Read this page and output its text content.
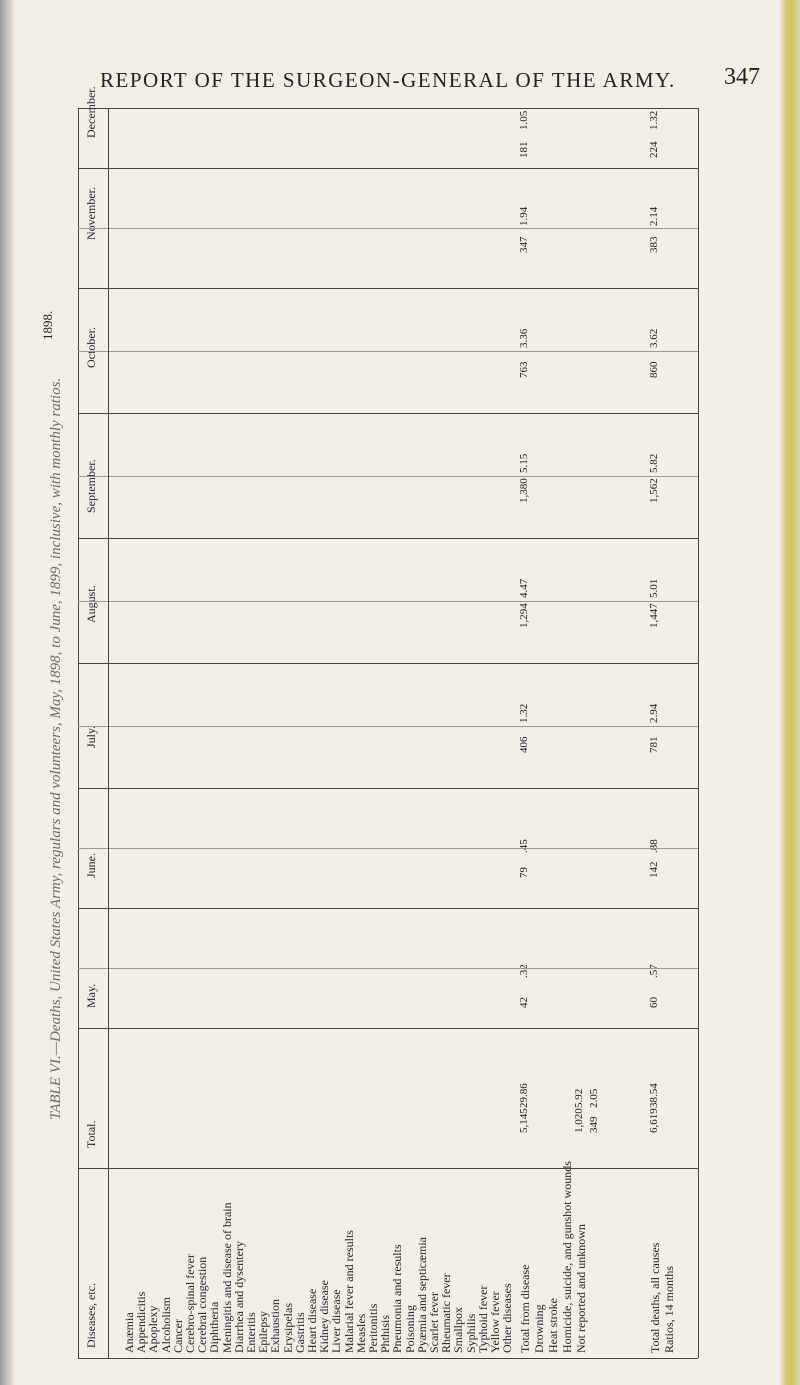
REPORT OF THE SURGEON-GENERAL OF THE ARMY. 347
TABLE VI.—Deaths, United States Army, regulars and volunteers, May, 1898, to June, 1899, inclusive, with monthly ratios.
1898.
Diseases, etc.
Total.
May.
June.
July.
August.
September.
October.
November.
December.
Anæmia
Appendicitis
Apoplexy
Alcoholism
Cancer
Cerebro-spinal fever
Cerebral congestion
Diphtheria
Meningitis and disease of brain
Diarrhea and dysentery
Enteritis
Epilepsy
Exhaustion
Erysipelas
Gastritis
Heart disease
Kidney disease
Liver disease
Malarial fever and results
Measles
Peritonitis
Phthisis
Pneumonia and results
Poisoning
Pyæmia and septicæmia
Scarlet fever
Rheumatic fever
Smallpox
Syphilis
Typhoid fever
Yellow fever
Other diseases Total from disease Drowning Heat stroke Homicide, suicide, and gunshot wounds Not reported and unknown	Total deaths, all causes Ratios, 14 months
5,145
29.86
1,020 349
5.92 2.05
6,619
38.54
42
.32
60
.57
79
.45
142
.88
406
1.32
781
2.94
1,294
4.47
1,447
5.01
1,380
5.15
1,562
5.82
763
3.36
860
3.62
347
1.94
383
2.14
181
1.05
224
1.32
